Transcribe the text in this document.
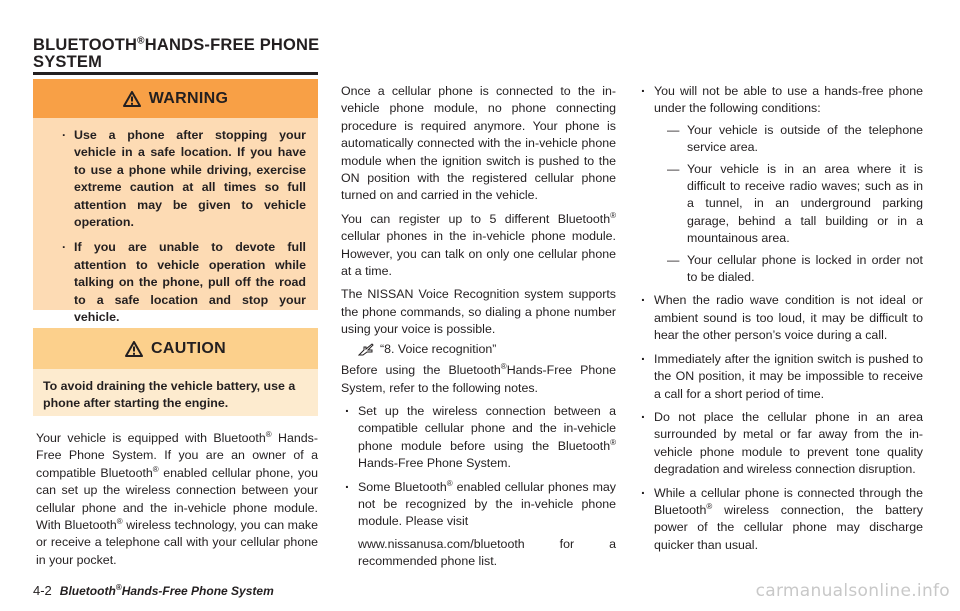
BLUETOOTH®HANDS-FREE PHONE
SYSTEM
WARNING
. Use a phone after stopping your vehicle in a safe location. If you have to use a phone while driving, exercise extreme caution at all times so full attention may be given to vehicle operation.
. If you are unable to devote full attention to vehicle operation while talking on the phone, pull off the road to a safe location and stop your vehicle.
CAUTION
To avoid draining the vehicle battery, use a phone after starting the engine.
Your vehicle is equipped with Bluetooth® Hands-Free Phone System. If you are an owner of a compatible Bluetooth® enabled cellular phone, you can set up the wireless connection between your cellular phone and the in-vehicle phone module. With Bluetooth® wireless technology, you can make or receive a telephone call with your cellular phone in your pocket.

Once a cellular phone is connected to the in-vehicle phone module, no phone connecting procedure is required anymore. Your phone is automatically connected with the in-vehicle phone module when the ignition switch is pushed to the ON position with the registered cellular phone turned on and carried in the vehicle.

You can register up to 5 different Bluetooth® cellular phones in the in-vehicle phone module. However, you can talk on only one cellular phone at a time.

The NISSAN Voice Recognition system supports the phone commands, so dialing a phone number using your voice is possible.

“8. Voice recognition”

Before using the Bluetooth®Hands-Free Phone System, refer to the following notes.

. Set up the wireless connection between a compatible cellular phone and the in-vehicle phone module before using the Bluetooth® Hands-Free Phone System.
. Some Bluetooth® enabled cellular phones may not be recognized by the in-vehicle phone module. Please visit
www.nissanusa.com/bluetooth for a recommended phone list.
. You will not be able to use a hands-free phone under the following conditions:
— Your vehicle is outside of the telephone service area.
— Your vehicle is in an area where it is difficult to receive radio waves; such as in a tunnel, in an underground parking garage, behind a tall building or in a mountainous area.
— Your cellular phone is locked in order not to be dialed.
. When the radio wave condition is not ideal or ambient sound is too loud, it may be difficult to hear the other person’s voice during a call.
. Immediately after the ignition switch is pushed to the ON position, it may be impossible to receive a call for a short period of time.
. Do not place the cellular phone in an area surrounded by metal or far away from the in-vehicle phone module to prevent tone quality degradation and wireless connection disruption.
. While a cellular phone is connected through the Bluetooth® wireless connection, the battery power of the cellular phone may discharge quicker than usual.
4-2 Bluetooth®Hands-Free Phone System	carmanualsonline.info
